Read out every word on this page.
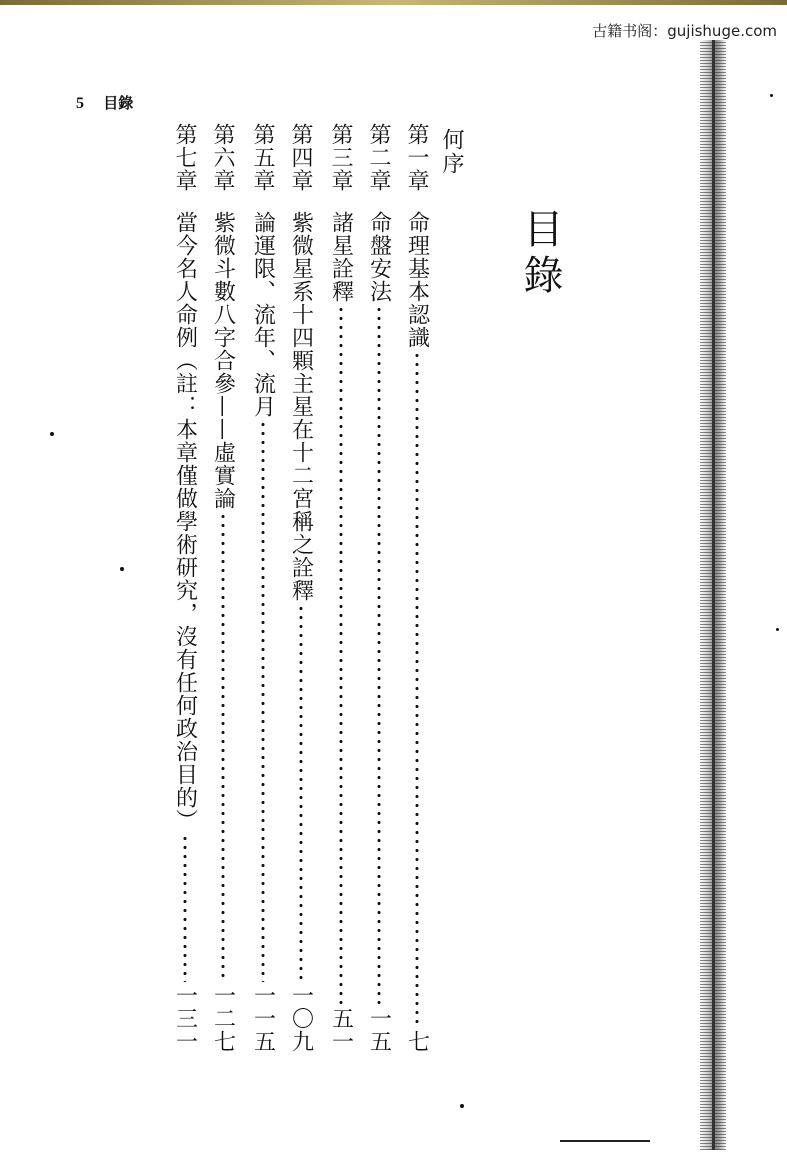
古籍书阁：gujishuge.com
5 目錄
目錄
何序
第一章
命理基本認識
七
第二章
命盤安法
一五
第三章
諸星詮釋
五一
第四章
紫微星系十四顆主星在十二宮稱之詮釋
一〇九
第五章
論運限、流年、流月
一一五
第六章
紫微斗數八字合參——虛實論
一二七
第七章
當今名人命例（註：本章僅做學術研究，沒有任何政治目的）
一三一
